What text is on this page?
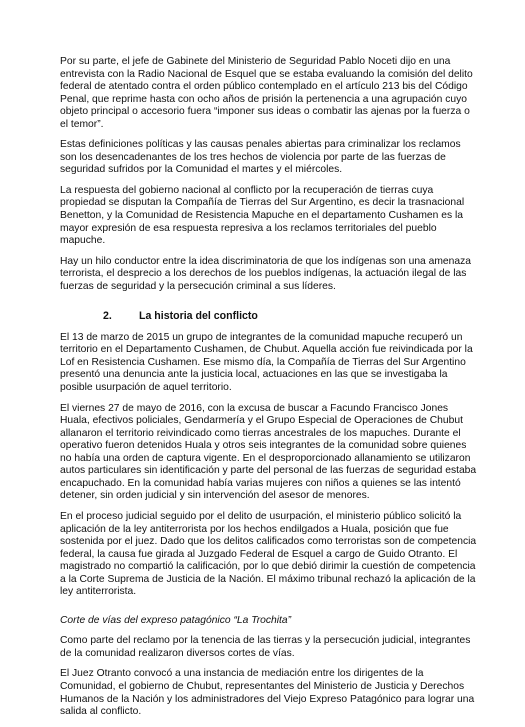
Por su parte, el jefe de Gabinete del Ministerio de Seguridad Pablo Noceti dijo en una entrevista con la Radio Nacional de Esquel que se estaba evaluando la comisión del delito federal de atentado contra el orden público contemplado en el artículo 213 bis del Código Penal, que reprime hasta con ocho años de prisión la pertenencia a una agrupación cuyo objeto principal o accesorio fuera “imponer sus ideas o combatir las ajenas por la fuerza o el temor”.

Estas definiciones políticas y las causas penales abiertas para criminalizar los reclamos son los desencadenantes de los tres hechos de violencia por parte de las fuerzas de seguridad sufridos por la Comunidad el martes y el miércoles.

La respuesta del gobierno nacional al conflicto por la recuperación de tierras cuya propiedad se disputan la Compañía de Tierras del Sur Argentino, es decir la trasnacional Benetton, y la Comunidad de Resistencia Mapuche en el departamento Cushamen es la mayor expresión de esa respuesta represiva a los reclamos territoriales del pueblo mapuche.

Hay un hilo conductor entre la idea discriminatoria de que los indígenas son una amenaza terrorista, el desprecio a los derechos de los pueblos indígenas, la actuación ilegal de las fuerzas de seguridad y la persecución criminal a sus líderes.

2.	La historia del conflicto

El 13 de marzo de 2015 un grupo de integrantes de la comunidad mapuche recuperó un territorio en el Departamento Cushamen, de Chubut. Aquella acción fue reivindicada por la Lof en Resistencia Cushamen. Ese mismo día, la Compañía de Tierras del Sur Argentino presentó una denuncia ante la justicia local, actuaciones en las que se investigaba la posible usurpación de aquel territorio.

El viernes 27 de mayo de 2016, con la excusa de buscar a Facundo Francisco Jones Huala, efectivos policiales, Gendarmería y el Grupo Especial de Operaciones de Chubut allanaron el territorio reivindicado como tierras ancestrales de los mapuches. Durante el operativo fueron detenidos Huala y otros seis integrantes de la comunidad sobre quienes no había una orden de captura vigente. En el desproporcionado allanamiento se utilizaron autos particulares sin identificación y parte del personal de las fuerzas de seguridad estaba encapuchado. En la comunidad había varias mujeres con niños a quienes se las intentó detener, sin orden judicial y sin intervención del asesor de menores.

En el proceso judicial seguido por el delito de usurpación, el ministerio público solicitó la aplicación de la ley antiterrorista por los hechos endilgados a Huala, posición que fue sostenida por el juez. Dado que los delitos calificados como terroristas son de competencia federal, la causa fue girada al Juzgado Federal de Esquel a cargo de Guido Otranto. El magistrado no compartió la calificación, por lo que debió dirimir la cuestión de competencia a la Corte Suprema de Justicia de la Nación. El máximo tribunal rechazó la aplicación de la ley antiterrorista.

Corte de vías del expreso patagónico “La Trochita”

Como parte del reclamo por la tenencia de las tierras y la persecución judicial, integrantes de la comunidad realizaron diversos cortes de vías.

El Juez Otranto convocó a una instancia de mediación entre los dirigentes de la Comunidad, el gobierno de Chubut, representantes del Ministerio de Justicia y Derechos Humanos de la Nación y los administradores del Viejo Expreso Patagónico para lograr una salida al conflicto.
